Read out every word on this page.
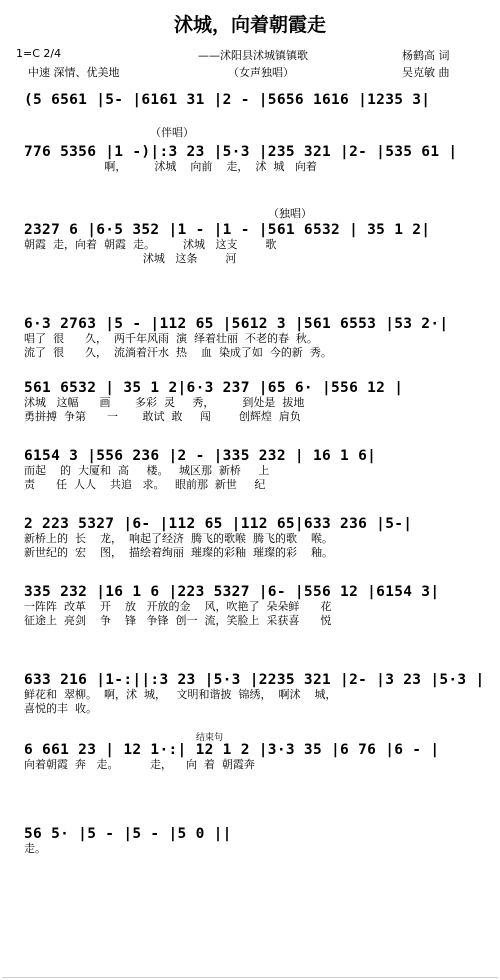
沭城，向着朝霞走
1=C 2/4	——沭阳县沭城镇镇歌	杨鹤高 词
中速 深情、优美地	（女声独唱）	吴克敏 曲
（伴唱）
（独唱）
结束句
(5 6561 |5- |6161 31 |2 - |5656 1616 |1235 3|
776 5356 |1 -)|:3 23 |5·3 |235 321 |2- |535 61 |
啊，        沭城    向前    走，  沭  城   向着
2327 6 |6·5 352 |1 - |1 - |561 6532 | 35 1 2|
朝霞  走，向着  朝霞  走。        沭城   这支        歌
沭城   这条        河
6·3 2763 |5 - |112 65 |5612 3 |561 6553 |53 2·|
唱了  很      久，  两千年风雨  演  绎着壮丽  不老的春  秋。
流了  很      久，  流淌着汗水  热    血  染成了如  今的新  秀。
561 6532 | 35 1 2|6·3 237 |65 6· |556 12 |
沭城   这幅      画       多彩  灵     秀，        到处是  拔地
勇拼搏  争第      一       敢试  敢     闯        创辉煌  肩负
6154 3 |556 236 |2 - |335 232 | 16 1 6|
而起    的  大厦和  高     楼。   城区那  新桥     上
责      任  人人    共追   求。   眼前那  新世     纪
2 223 5327 |6- |112 65 |112 65|633 236 |5-|
新桥上的  长    龙，  响起了经济  腾飞的歌喉  腾飞的歌    喉。
新世纪的  宏    图，  描绘着绚丽  璀璨的彩釉  璀璨的彩    釉。
335 232 |16 1 6 |223 5327 |6- |556 12 |6154 3|
一阵阵  改革    开    放   开放的金    风，吹艳了  朵朵鲜      花
征途上  亮剑    争    锋   争锋  创一  流，笑脸上  采获喜      悦
633 216 |1-:||:3 23 |5·3 |2235 321 |2- |3 23 |5·3 |
鲜花和  翠柳。  啊，沭  城，   文明和谐披  锦绣，  啊沭    城，
喜悦的丰  收。
6 661 23 | 12 1·:| 12 1 2 |3·3 35 |6 76 |6 - |
向着朝霞  奔   走。         走，    向  着  朝霞奔
56 5· |5 - |5 - |5 0 ||
走。
